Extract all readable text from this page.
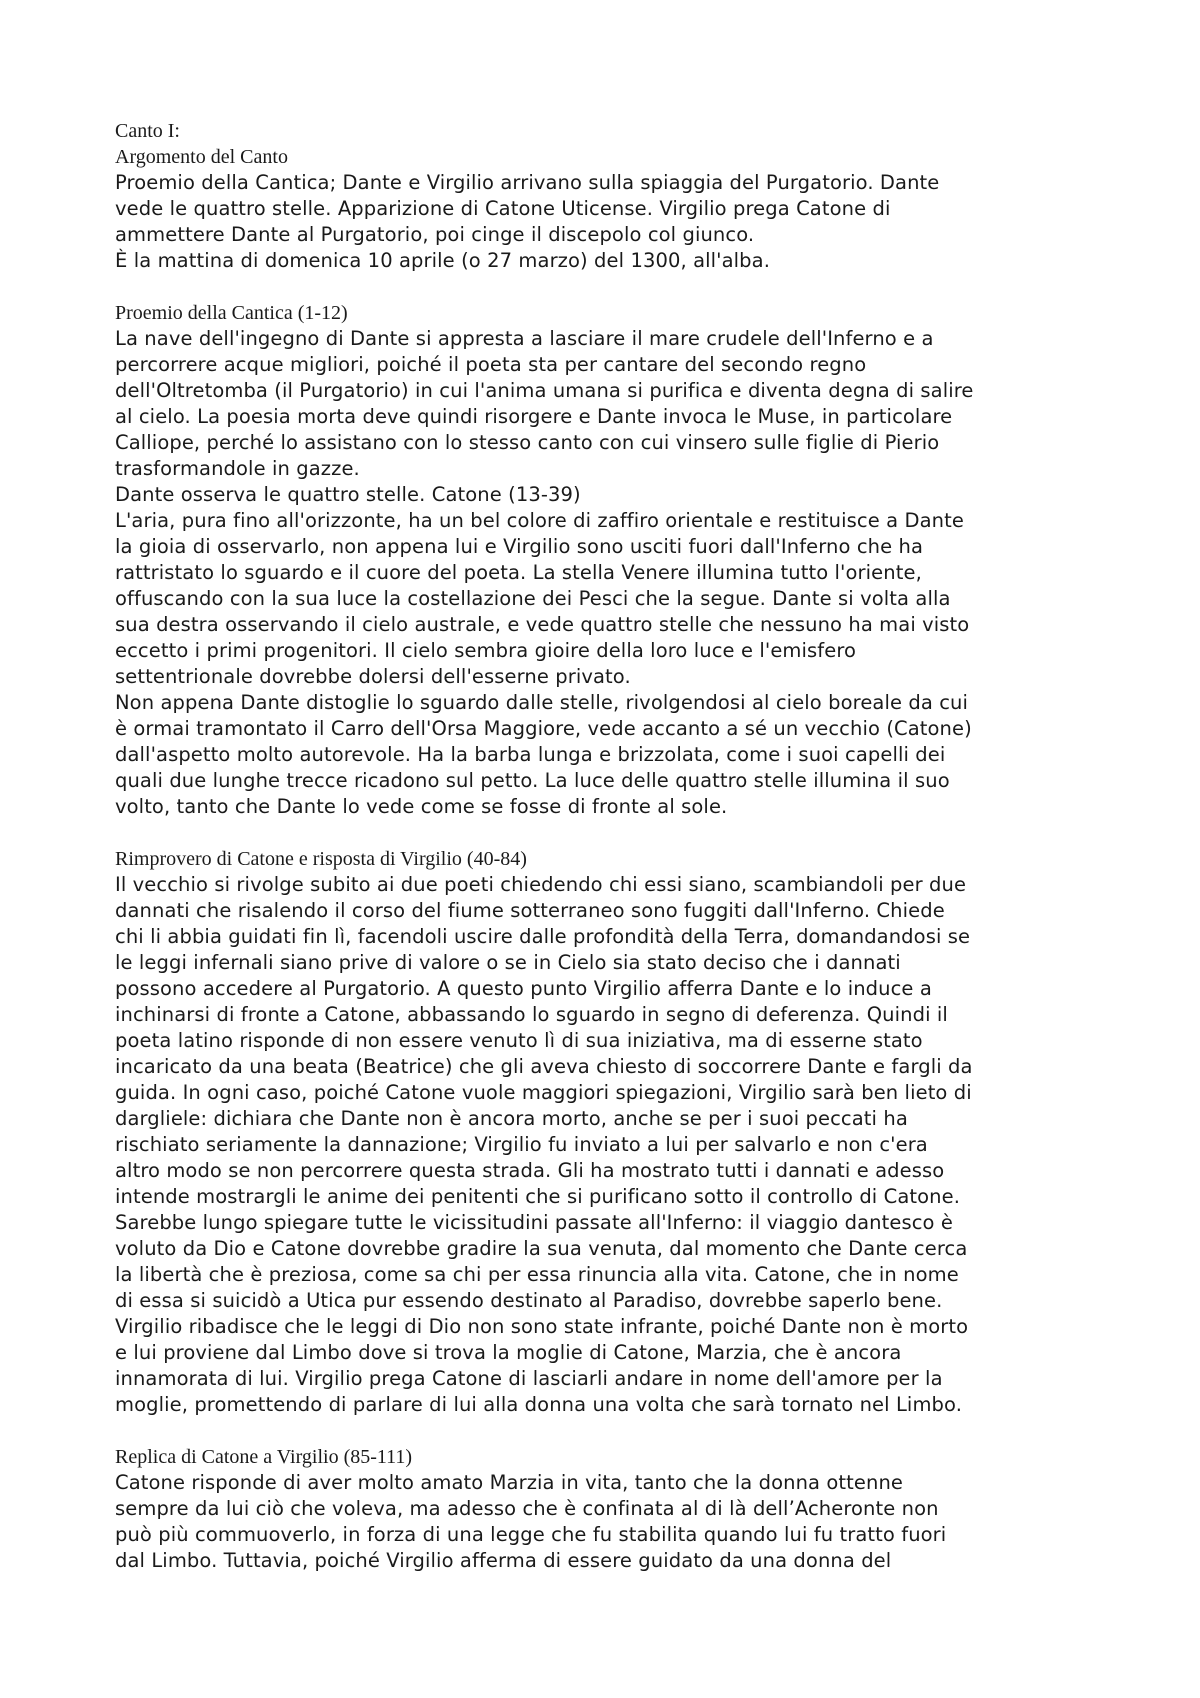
Canto I:
Argomento del Canto
Proemio della Cantica; Dante e Virgilio arrivano sulla spiaggia del Purgatorio. Dante
vede le quattro stelle. Apparizione di Catone Uticense. Virgilio prega Catone di
ammettere Dante al Purgatorio, poi cinge il discepolo col giunco.
È la mattina di domenica 10 aprile (o 27 marzo) del 1300, all'alba.
Proemio della Cantica (1-12)
La nave dell'ingegno di Dante si appresta a lasciare il mare crudele dell'Inferno e a
percorrere acque migliori, poiché il poeta sta per cantare del secondo regno
dell'Oltretomba (il Purgatorio) in cui l'anima umana si purifica e diventa degna di salire
al cielo. La poesia morta deve quindi risorgere e Dante invoca le Muse, in particolare
Calliope, perché lo assistano con lo stesso canto con cui vinsero sulle figlie di Pierio
trasformandole in gazze.
Dante osserva le quattro stelle. Catone (13-39)
L'aria, pura fino all'orizzonte, ha un bel colore di zaffiro orientale e restituisce a Dante
la gioia di osservarlo, non appena lui e Virgilio sono usciti fuori dall'Inferno che ha
rattristato lo sguardo e il cuore del poeta. La stella Venere illumina tutto l'oriente,
offuscando con la sua luce la costellazione dei Pesci che la segue. Dante si volta alla
sua destra osservando il cielo australe, e vede quattro stelle che nessuno ha mai visto
eccetto i primi progenitori. Il cielo sembra gioire della loro luce e l'emisfero
settentrionale dovrebbe dolersi dell'esserne privato.
Non appena Dante distoglie lo sguardo dalle stelle, rivolgendosi al cielo boreale da cui
è ormai tramontato il Carro dell'Orsa Maggiore, vede accanto a sé un vecchio (Catone)
dall'aspetto molto autorevole. Ha la barba lunga e brizzolata, come i suoi capelli dei
quali due lunghe trecce ricadono sul petto. La luce delle quattro stelle illumina il suo
volto, tanto che Dante lo vede come se fosse di fronte al sole.
Rimprovero di Catone e risposta di Virgilio (40-84)
Il vecchio si rivolge subito ai due poeti chiedendo chi essi siano, scambiandoli per due
dannati che risalendo il corso del fiume sotterraneo sono fuggiti dall'Inferno. Chiede
chi li abbia guidati fin lì, facendoli uscire dalle profondità della Terra, domandandosi se
le leggi infernali siano prive di valore o se in Cielo sia stato deciso che i dannati
possono accedere al Purgatorio. A questo punto Virgilio afferra Dante e lo induce a
inchinarsi di fronte a Catone, abbassando lo sguardo in segno di deferenza. Quindi il
poeta latino risponde di non essere venuto lì di sua iniziativa, ma di esserne stato
incaricato da una beata (Beatrice) che gli aveva chiesto di soccorrere Dante e fargli da
guida. In ogni caso, poiché Catone vuole maggiori spiegazioni, Virgilio sarà ben lieto di
dargliele: dichiara che Dante non è ancora morto, anche se per i suoi peccati ha
rischiato seriamente la dannazione; Virgilio fu inviato a lui per salvarlo e non c'era
altro modo se non percorrere questa strada. Gli ha mostrato tutti i dannati e adesso
intende mostrargli le anime dei penitenti che si purificano sotto il controllo di Catone.
Sarebbe lungo spiegare tutte le vicissitudini passate all'Inferno: il viaggio dantesco è
voluto da Dio e Catone dovrebbe gradire la sua venuta, dal momento che Dante cerca
la libertà che è preziosa, come sa chi per essa rinuncia alla vita. Catone, che in nome
di essa si suicidò a Utica pur essendo destinato al Paradiso, dovrebbe saperlo bene.
Virgilio ribadisce che le leggi di Dio non sono state infrante, poiché Dante non è morto
e lui proviene dal Limbo dove si trova la moglie di Catone, Marzia, che è ancora
innamorata di lui. Virgilio prega Catone di lasciarli andare in nome dell'amore per la
moglie, promettendo di parlare di lui alla donna una volta che sarà tornato nel Limbo.
Replica di Catone a Virgilio (85-111)
Catone risponde di aver molto amato Marzia in vita, tanto che la donna ottenne
sempre da lui ciò che voleva, ma adesso che è confinata al di là dell’Acheronte non
può più commuoverlo, in forza di una legge che fu stabilita quando lui fu tratto fuori
dal Limbo. Tuttavia, poiché Virgilio afferma di essere guidato da una donna del
